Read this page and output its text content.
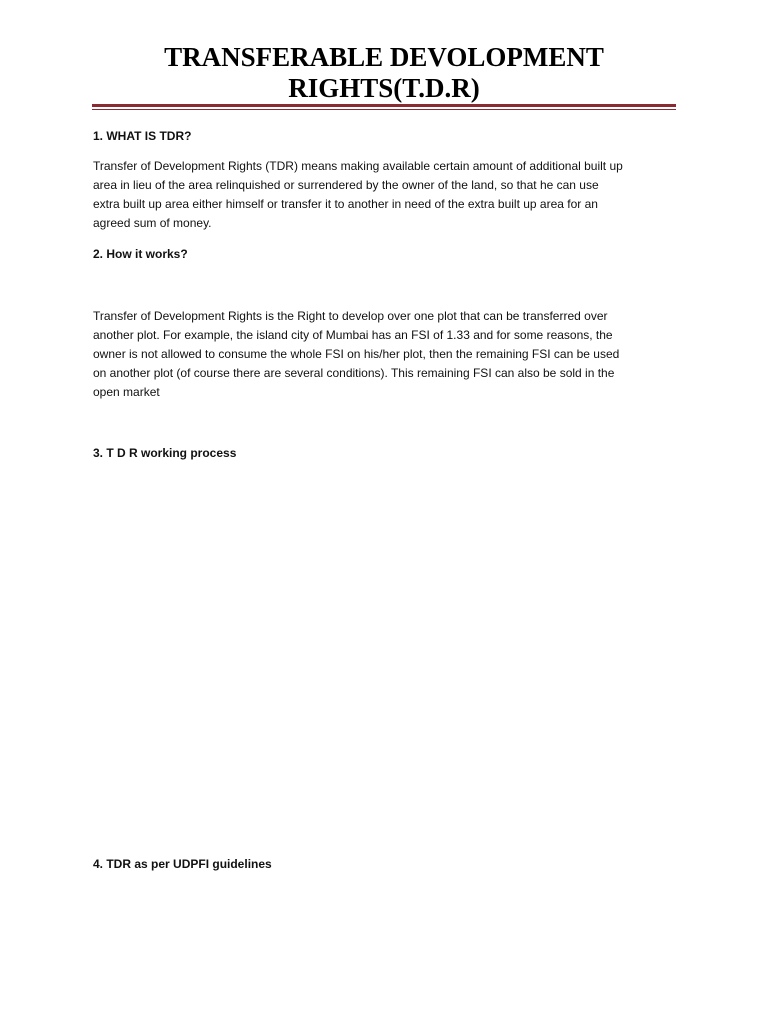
TRANSFERABLE DEVOLOPMENT
RIGHTS(T.D.R)

1. WHAT IS TDR?

Transfer of Development Rights (TDR) means making available certain amount of additional built up
area in lieu of the area relinquished or surrendered by the owner of the land, so that he can use
extra built up area either himself or transfer it to another in need of the extra built up area for an
agreed sum of money.

2. How it works?

Transfer of Development Rights is the Right to develop over one plot that can be transferred over
another plot. For example, the island city of Mumbai has an FSI of 1.33 and for some reasons, the
owner is not allowed to consume the whole FSI on his/her plot, then the remaining FSI can be used
on another plot (of course there are several conditions). This remaining FSI can also be sold in the
open market

3. T D R working process

4. TDR as per UDPFI guidelines
